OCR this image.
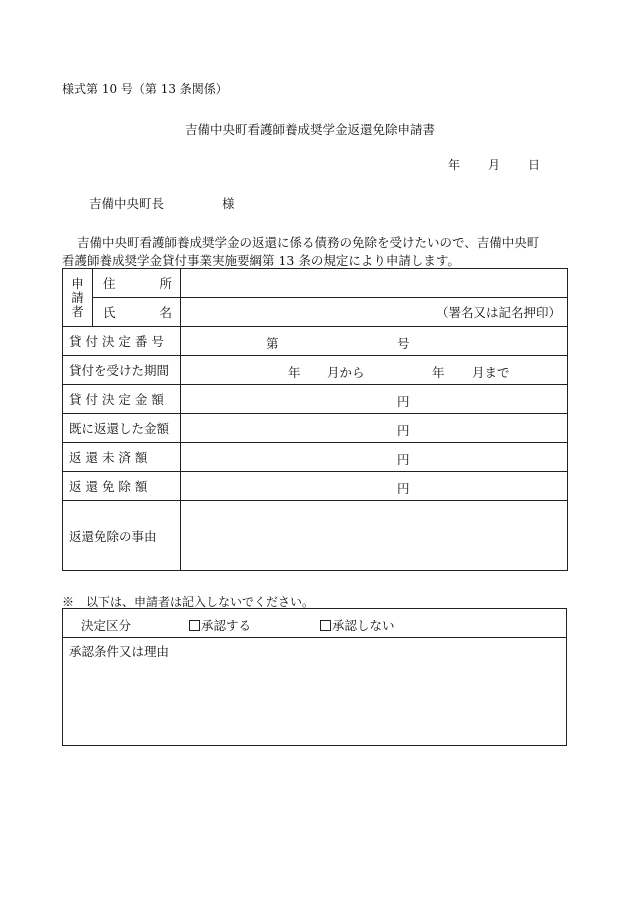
様式第 10 号（第 13 条関係）
吉備中央町看護師養成奨学金返還免除申請書
年 月 日
吉備中央町長	様
吉備中央町看護師養成奨学金の返還に係る債務の免除を受けたいので、吉備中央町
看護師養成奨学金貸付事業実施要綱第 13 条の規定により申請します。
申
請
者	住 所	
	氏 名	（署名又は記名押印）
貸 付 決 定 番 号		第 号

貸付を受けた期間		年 月から 年 月まで

貸 付 決 定 金 額		円

既に返還した金額		円

返 還 未 済 額		円

返 還 免 除 額		円

返還免除の事由		
※　以下は、申請者は記入しないでください。
決定区分	承認する	承認しない

承認条件又は理由
